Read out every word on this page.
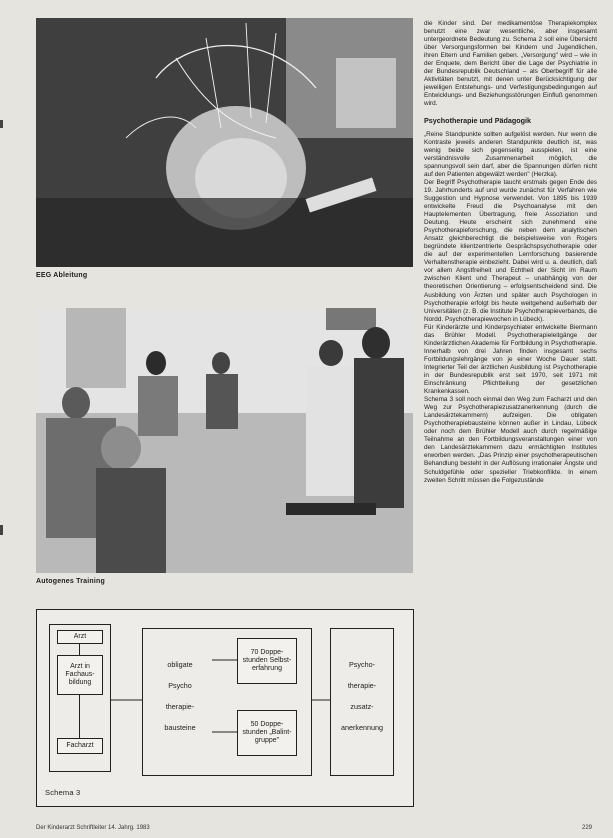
EEG Ableitung
Autogenes Training
Arzt
Arzt in Fachaus-bildung
Facharzt
obligate
Psycho
therapie-
bausteine
70 Doppe-stunden Selbst-erfahrung
50 Doppe-stunden „Balint-gruppe"
Psycho-
therapie-
zusatz-
anerkennung
Schema 3

die Kinder sind. Der medikamentöse Therapiekomplex benutzt eine zwar wesentliche, aber insgesamt untergeordnete Bedeutung zu. Schema 2 soll eine Übersicht über Versorgungsformen bei Kindern und Jugendlichen, ihren Eltern und Familien geben. „Versorgung" wird – wie in der Enquete, dem Bericht über die Lage der Psychiatrie in der Bundesrepublik Deutschland – als Oberbegriff für alle Aktivitäten benutzt, mit denen unter Berücksichtigung der jeweiligen Entstehungs- und Verfestigungsbedingungen auf Entwicklungs- und Beziehungsstörungen Einfluß genommen wird.

Psychotherapie und Pädagogik

„Reine Standpunkte sollten aufgelöst werden. Nur wenn die Kontraste jeweils anderen Standpunkte deutlich ist, was wenig beide sich gegenseitig ausspielen, ist eine verständnisvolle Zusammenarbeit möglich, die spannungsvoll sein darf, aber die Spannungen dürfen nicht auf den Patienten abgewälzt werden" (Herzka).

Der Begriff Psychotherapie taucht erstmals gegen Ende des 19. Jahrhunderts auf und wurde zunächst für Verfahren wie Suggestion und Hypnose verwendet. Von 1895 bis 1939 entwickelte Freud die Psychoanalyse mit den Hauptelementen Übertragung, freie Assoziation und Deutung. Heute erscheint sich zunehmend eine Psychotherapieforschung, die neben dem analytischen Ansatz gleichberechtigt die beispielsweise von Rogers begründete klientzentrierte Gesprächspsychotherapie oder die auf der experimentellen Lernforschung basierende Verhaltenstherapie einbezieht. Dabei wird u. a. deutlich, daß vor allem Angstfreiheit und Echtheit der Sicht im Raum zwischen Klient und Therapeut – unabhängig von der theoretischen Orientierung – erfolgsentscheidend sind. Die Ausbildung von Ärzten und später auch Psychologen in Psychotherapie erfolgt bis heute weitgehend außerhalb der Universitäten (z. B. die Institute Psychotherapieverbands, die Nordd. Psychotherapiewochen in Lübeck).

Für Kinderärzte und Kinderpsychiater entwickelte Biermann das Brühler Modell. Psychotherapieleitgänge der Kinderärztlichen Akademie für Fortbildung in Psychotherapie. Innerhalb von drei Jahren finden insgesamt sechs Fortbildungslehrgänge von je einer Woche Dauer statt. Integrierter Teil der ärztlichen Ausbildung ist Psychotherapie in der Bundesrepublik erst seit 1970, seit 1971 mit Einschränkung Pflichtteilung der gesetzlichen Krankenkassen.

Schema 3 soll noch einmal den Weg zum Facharzt und den Weg zur Psychotherapiezusatzanerkennung (durch die Landesärztekammern) aufzeigen. Die obligaten Psychotherapiebausteine können außer in Lindau, Lübeck oder noch dem Brühler Modell auch durch regelmäßige Teilnahme an den Fortbildungsveranstaltungen einer von den Landesärztekammern dazu ermächtigten Institutes erworben werden. „Das Prinzip einer psychotherapeutischen Behandlung besteht in der Auflösung irrationaler Ängste und Schuldgefühle oder spezieller Triebkonflikte. In einem zweiten Schritt müssen die Folgezustände

Der Kinderarzt Schriftleiter 14. Jahrg. 1983	229
